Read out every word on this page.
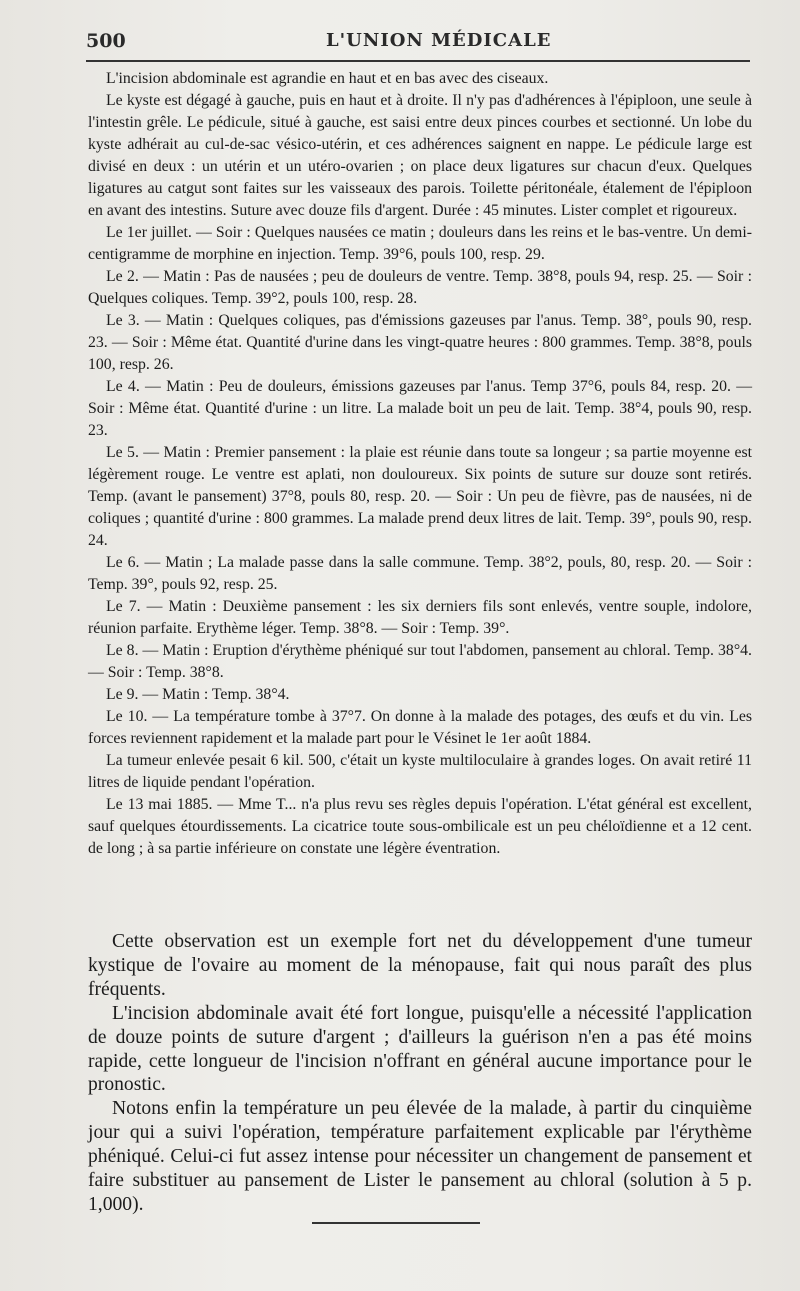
500	L'UNION MÉDICALE

L'incision abdominale est agrandie en haut et en bas avec des ciseaux.

Le kyste est dégagé à gauche, puis en haut et à droite. Il n'y pas d'adhérences à l'épiploon, une seule à l'intestin grêle. Le pédicule, situé à gauche, est saisi entre deux pinces courbes et sectionné. Un lobe du kyste adhérait au cul-de-sac vésico-utérin, et ces adhérences saignent en nappe. Le pédicule large est divisé en deux : un utérin et un utéro-ovarien ; on place deux ligatures sur chacun d'eux. Quelques ligatures au catgut sont faites sur les vaisseaux des parois. Toilette péritonéale, étalement de l'épiploon en avant des intestins. Suture avec douze fils d'argent. Durée : 45 minutes. Lister complet et rigoureux.

Le 1er juillet. — Soir : Quelques nausées ce matin ; douleurs dans les reins et le bas-ventre. Un demi-centigramme de morphine en injection. Temp. 39°6, pouls 100, resp. 29.

Le 2. — Matin : Pas de nausées ; peu de douleurs de ventre. Temp. 38°8, pouls 94, resp. 25. — Soir : Quelques coliques. Temp. 39°2, pouls 100, resp. 28.

Le 3. — Matin : Quelques coliques, pas d'émissions gazeuses par l'anus. Temp. 38°, pouls 90, resp. 23. — Soir : Même état. Quantité d'urine dans les vingt-quatre heures : 800 grammes. Temp. 38°8, pouls 100, resp. 26.

Le 4. — Matin : Peu de douleurs, émissions gazeuses par l'anus. Temp 37°6, pouls 84, resp. 20. — Soir : Même état. Quantité d'urine : un litre. La malade boit un peu de lait. Temp. 38°4, pouls 90, resp. 23.

Le 5. — Matin : Premier pansement : la plaie est réunie dans toute sa longeur ; sa partie moyenne est légèrement rouge. Le ventre est aplati, non douloureux. Six points de suture sur douze sont retirés. Temp. (avant le pansement) 37°8, pouls 80, resp. 20. — Soir : Un peu de fièvre, pas de nausées, ni de coliques ; quantité d'urine : 800 grammes. La malade prend deux litres de lait. Temp. 39°, pouls 90, resp. 24.

Le 6. — Matin ; La malade passe dans la salle commune. Temp. 38°2, pouls, 80, resp. 20. — Soir : Temp. 39°, pouls 92, resp. 25.

Le 7. — Matin : Deuxième pansement : les six derniers fils sont enlevés, ventre souple, indolore, réunion parfaite. Erythème léger. Temp. 38°8. — Soir : Temp. 39°.

Le 8. — Matin : Eruption d'érythème phéniqué sur tout l'abdomen, pansement au chloral. Temp. 38°4. — Soir : Temp. 38°8.

Le 9. — Matin : Temp. 38°4.

Le 10. — La température tombe à 37°7. On donne à la malade des potages, des œufs et du vin. Les forces reviennent rapidement et la malade part pour le Vésinet le 1er août 1884.

La tumeur enlevée pesait 6 kil. 500, c'était un kyste multiloculaire à grandes loges. On avait retiré 11 litres de liquide pendant l'opération.

Le 13 mai 1885. — Mme T... n'a plus revu ses règles depuis l'opération. L'état général est excellent, sauf quelques étourdissements. La cicatrice toute sous-ombilicale est un peu chéloïdienne et a 12 cent. de long ; à sa partie inférieure on constate une légère éventration.

Cette observation est un exemple fort net du développement d'une tumeur kystique de l'ovaire au moment de la ménopause, fait qui nous paraît des plus fréquents.

L'incision abdominale avait été fort longue, puisqu'elle a nécessité l'application de douze points de suture d'argent ; d'ailleurs la guérison n'en a pas été moins rapide, cette longueur de l'incision n'offrant en général aucune importance pour le pronostic.

Notons enfin la température un peu élevée de la malade, à partir du cinquième jour qui a suivi l'opération, température parfaitement explicable par l'érythème phéniqué. Celui-ci fut assez intense pour nécessiter un changement de pansement et faire substituer au pansement de Lister le pansement au chloral (solution à 5 p. 1,000).
